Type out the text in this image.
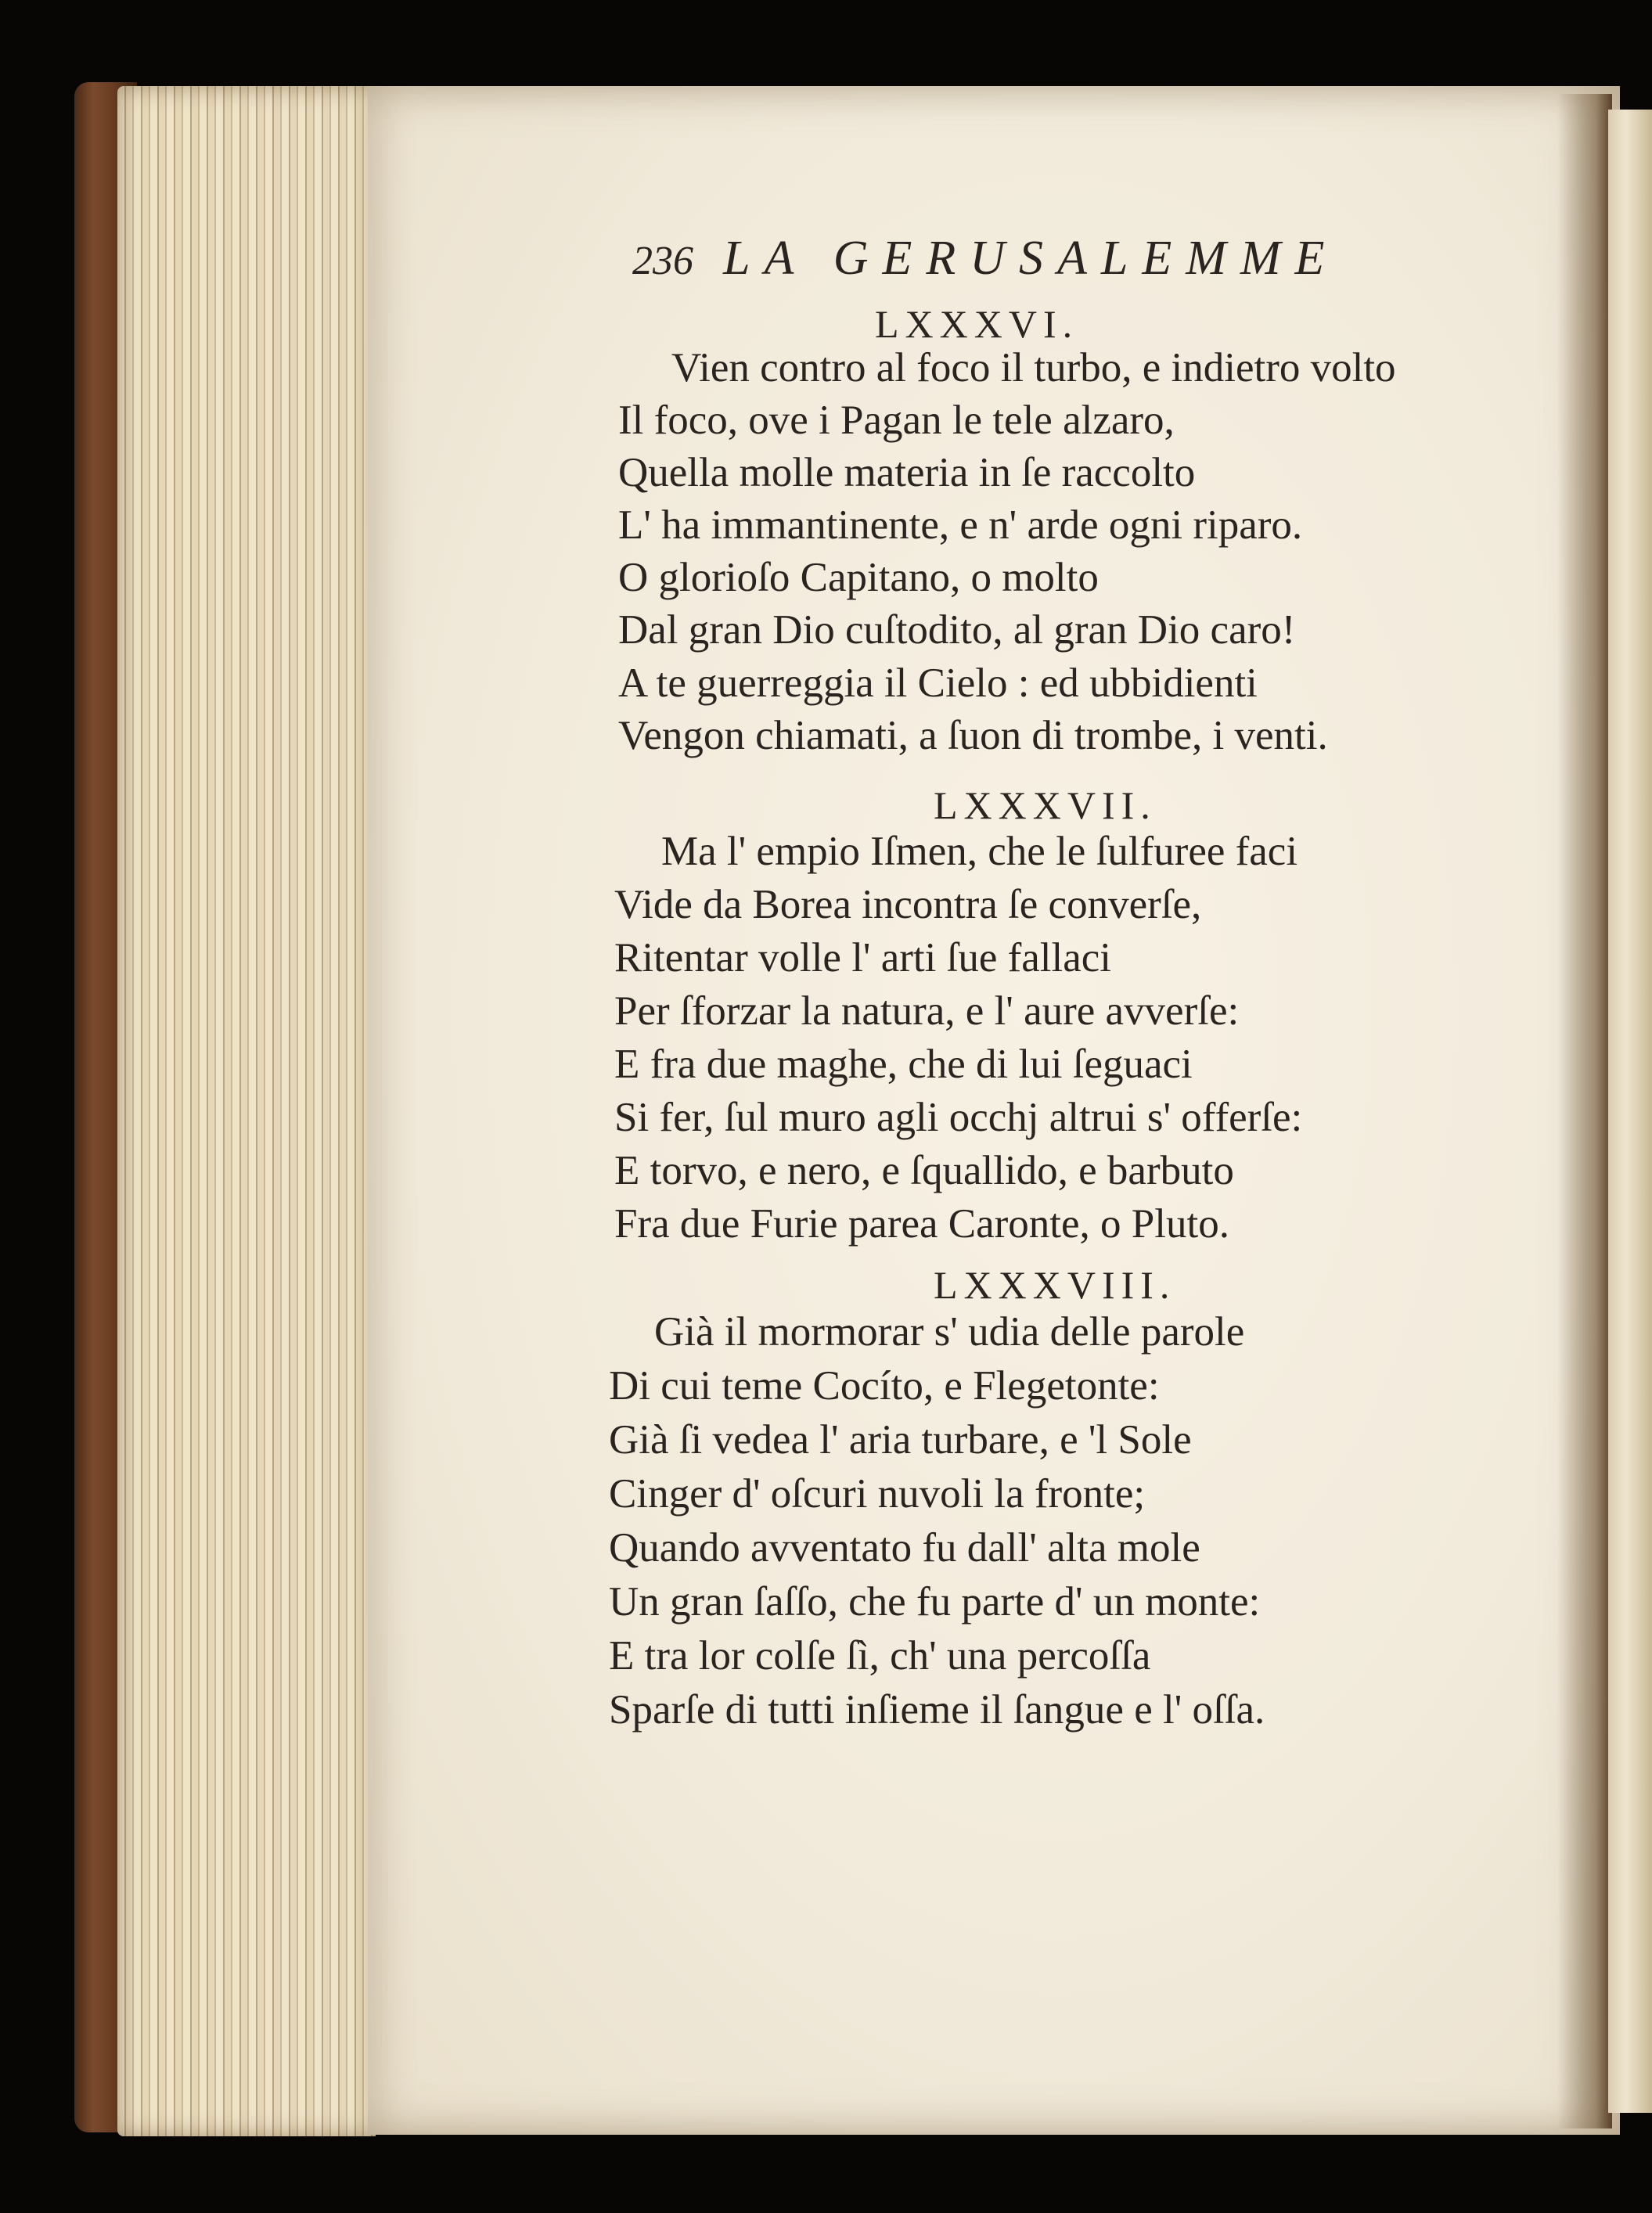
236 LA GERUSALEMME
LXXXVI.
Vien contro al foco il turbo, e indietro volto
Il foco, ove i Pagan le tele alzaro,
Quella molle materia in ſe raccolto
L' ha immantinente, e n' arde ogni riparo.
O glorioſo Capitano, o molto
Dal gran Dio cuſtodito, al gran Dio caro!
A te guerreggia il Cielo : ed ubbidienti
Vengon chiamati, a ſuon di trombe, i venti.
LXXXVII.
Ma l' empio Iſmen, che le ſulfuree faci
Vide da Borea incontra ſe converſe,
Ritentar volle l' arti ſue fallaci
Per ſforzar la natura, e l' aure avverſe:
E fra due maghe, che di lui ſeguaci
Si fer, ſul muro agli occhj altrui s' offerſe:
E torvo, e nero, e ſquallido, e barbuto
Fra due Furie parea Caronte, o Pluto.
LXXXVIII.
Già il mormorar s' udia delle parole
Di cui teme Cocíto, e Flegetonte:
Già ſi vedea l' aria turbare, e 'l Sole
Cinger d' oſcuri nuvoli la fronte;
Quando avventato fu dall' alta mole
Un gran ſaſſo, che fu parte d' un monte:
E tra lor colſe ſì, ch' una percoſſa
Sparſe di tutti inſieme il ſangue e l' oſſa.
